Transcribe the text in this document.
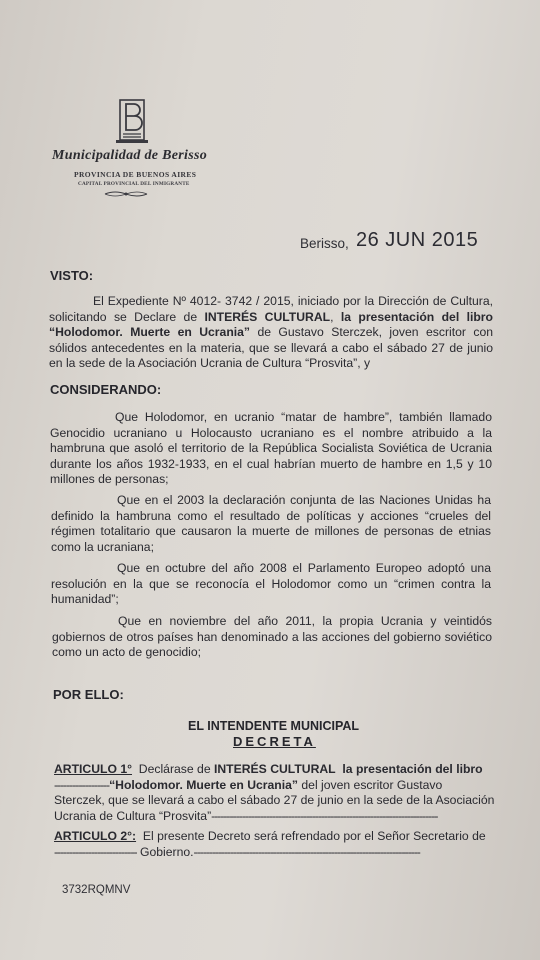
Municipalidad de Berisso
PROVINCIA DE BUENOS AIRES
CAPITAL PROVINCIAL DEL INMIGRANTE
Berisso, 26 JUN 2015
VISTO:
El Expediente Nº 4012- 3742 / 2015, iniciado por la Dirección de Cultura,
solicitando se Declare de INTERÉS CULTURAL, la presentación del libro
“Holodomor. Muerte en Ucrania” de Gustavo Sterczek, joven escritor con
sólidos antecedentes en la materia, que se llevará a cabo el sábado 27 de junio
en la sede de la Asociación Ucrania de Cultura “Prosvita”, y
CONSIDERANDO:
Que Holodomor, en ucranio “matar de hambre”, también llamado
Genocidio ucraniano u Holocausto ucraniano es el nombre atribuido a la
hambruna que asoló el territorio de la República Socialista Soviética de Ucrania
durante los años 1932-1933, en el cual habrían muerto de hambre en 1,5 y 10
millones de personas;
Que en el 2003 la declaración conjunta de las Naciones Unidas ha
definido la hambruna como el resultado de políticas y acciones “crueles del
régimen totalitario que causaron la muerte de millones de personas de etnias
como la ucraniana;
Que en octubre del año 2008 el Parlamento Europeo adoptó una
resolución en la que se reconocía el Holodomor como un “crimen contra la
humanidad”;
Que en noviembre del año 2011, la propia Ucrania y veintidós
gobiernos de otros países han denominado a las acciones del gobierno soviético
como un acto de genocidio;
POR ELLO:
EL INTENDENTE MUNICIPAL
DECRETA
ARTICULO 1° Declárase de INTERÉS CULTURAL la presentación del libro
------------------“Holodomor. Muerte en Ucrania” del joven escritor Gustavo
Sterczek, que se llevará a cabo el sábado 27 de junio en la sede de la Asociación
Ucrania de Cultura “Prosvita”--------------------------------------------------------------------------
ARTICULO 2°: El presente Decreto será refrendado por el Señor Secretario de
--------------------------- Gobierno.--------------------------------------------------------------------------
3732RQMNV
